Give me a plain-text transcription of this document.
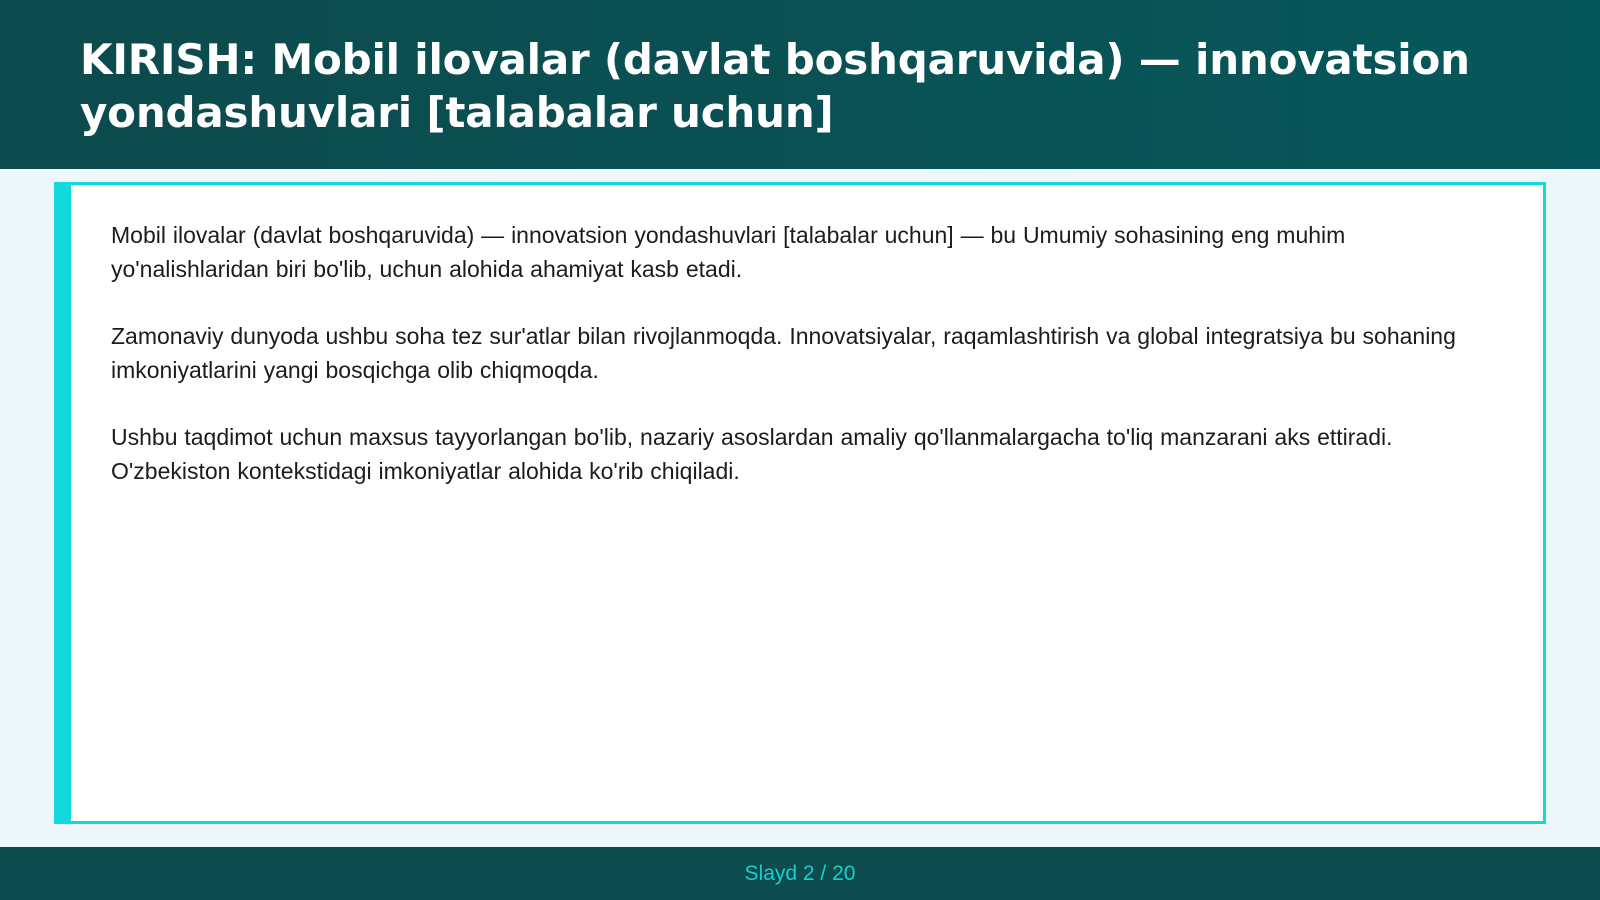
KIRISH: Mobil ilovalar (davlat boshqaruvida) — innovatsion yondashuvlari [talabalar uchun]

Mobil ilovalar (davlat boshqaruvida) — innovatsion yondashuvlari [talabalar uchun] — bu Umumiy sohasining eng muhim yo'nalishlaridan biri bo'lib, uchun alohida ahamiyat kasb etadi.

Zamonaviy dunyoda ushbu soha tez sur'atlar bilan rivojlanmoqda. Innovatsiyalar, raqamlashtirish va global integratsiya bu sohaning imkoniyatlarini yangi bosqichga olib chiqmoqda.

Ushbu taqdimot uchun maxsus tayyorlangan bo'lib, nazariy asoslardan amaliy qo'llanmalargacha to'liq manzarani aks ettiradi. O'zbekiston kontekstidagi imkoniyatlar alohida ko'rib chiqiladi.

Slayd 2 / 20
